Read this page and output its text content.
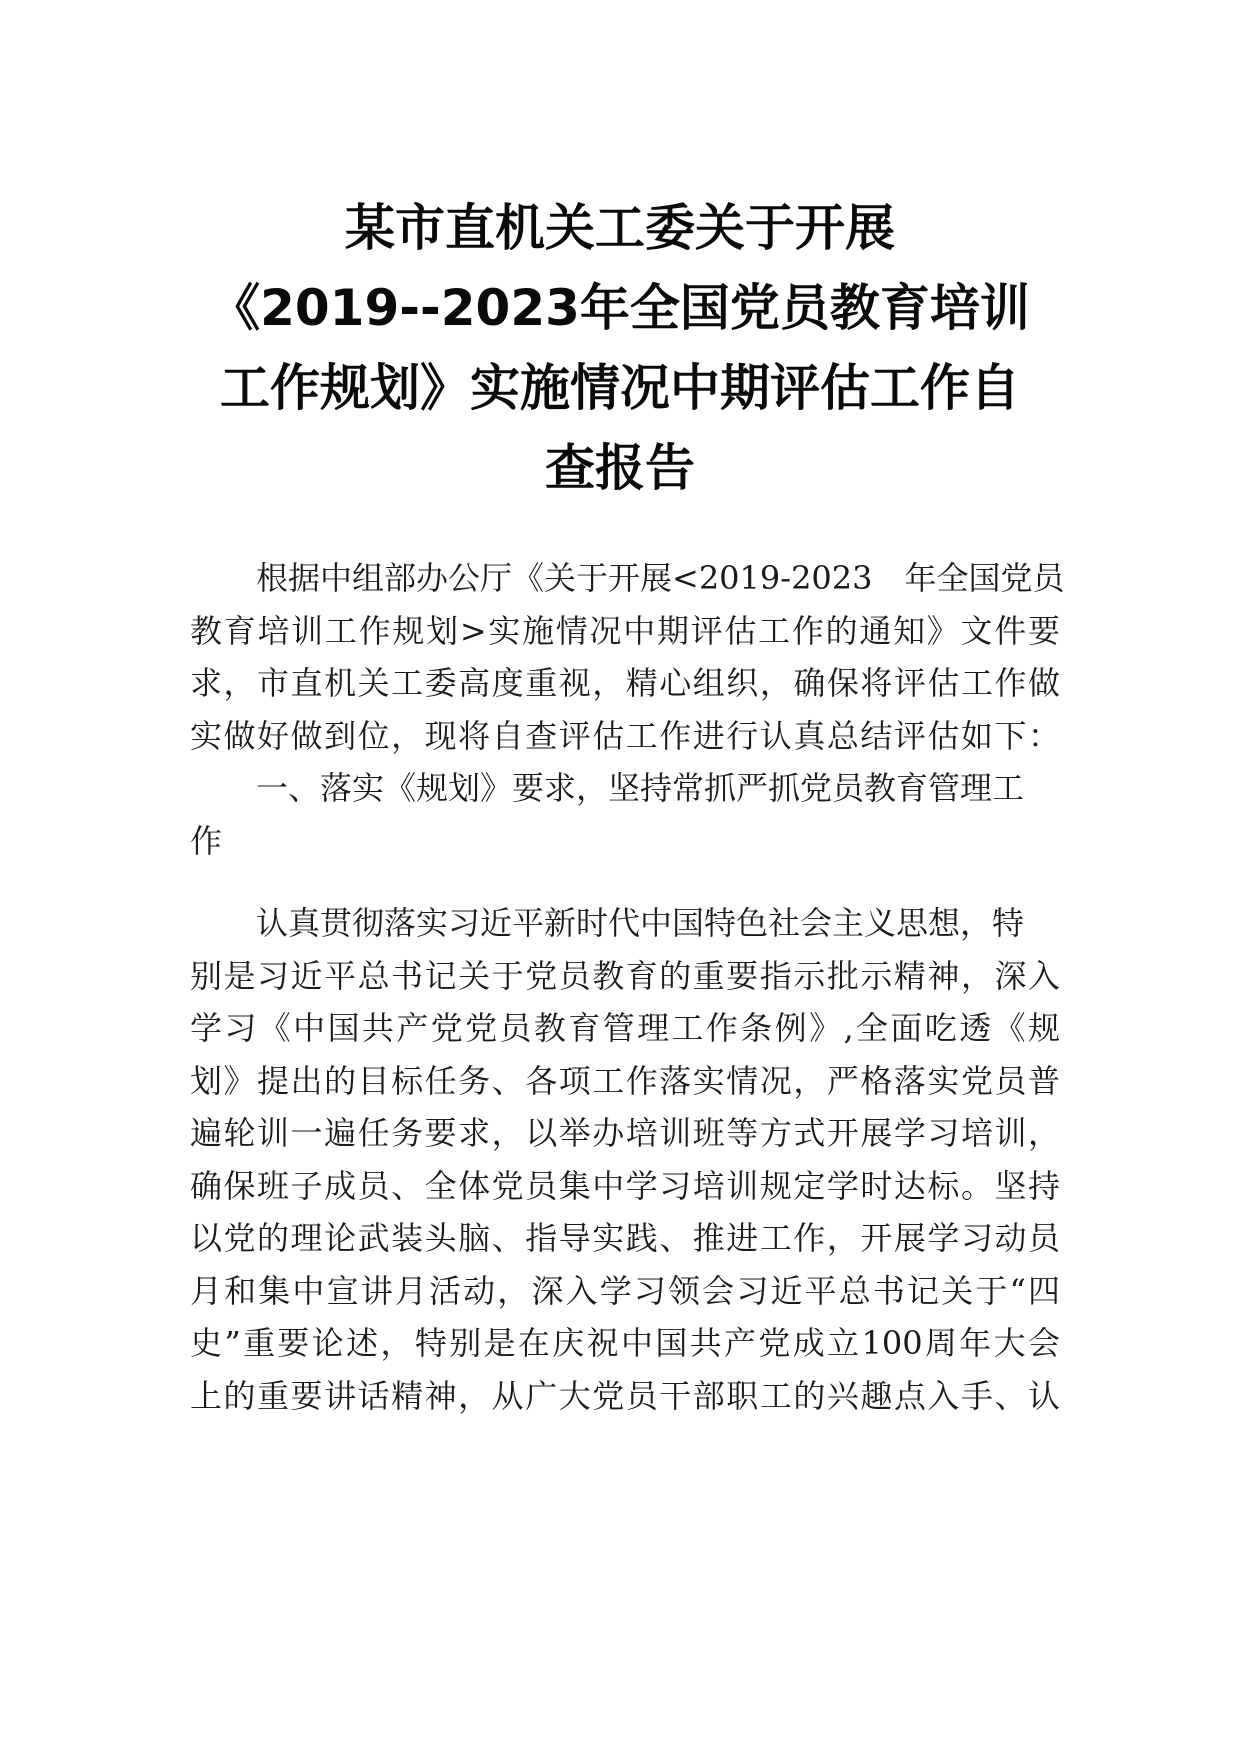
某市直机关工委关于开展
《2019--2023年全国党员教育培训
工作规划》实施情况中期评估工作自
查报告
根据中组部办公厅《关于开展<2019-2023　年全国党员
教育培训工作规划>实施情况中期评估工作的通知》文件要
求，市直机关工委高度重视，精心组织，确保将评估工作做
实做好做到位，现将自查评估工作进行认真总结评估如下：
一、落实《规划》要求，坚持常抓严抓党员教育管理工
作
认真贯彻落实习近平新时代中国特色社会主义思想，特
别是习近平总书记关于党员教育的重要指示批示精神，深入
学习《中国共产党党员教育管理工作条例》,全面吃透《规
划》提出的目标任务、各项工作落实情况，严格落实党员普
遍轮训一遍任务要求，以举办培训班等方式开展学习培训，
确保班子成员、全体党员集中学习培训规定学时达标。坚持
以党的理论武装头脑、指导实践、推进工作，开展学习动员
月和集中宣讲月活动，深入学习领会习近平总书记关于“四
史”重要论述，特别是在庆祝中国共产党成立100周年大会
上的重要讲话精神，从广大党员干部职工的兴趣点入手、认
